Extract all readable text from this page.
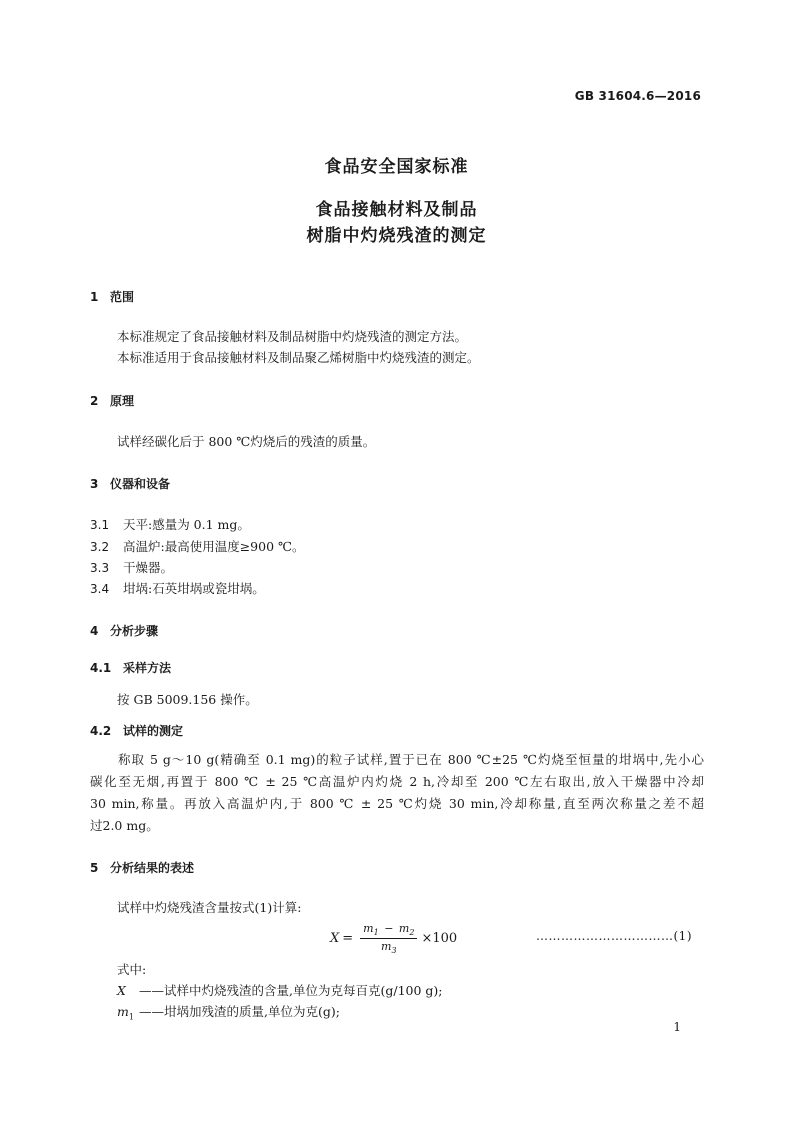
GB 31604.6—2016
食品安全国家标准
食品接触材料及制品
树脂中灼烧残渣的测定
1 范围
本标准规定了食品接触材料及制品树脂中灼烧残渣的测定方法。
本标准适用于食品接触材料及制品聚乙烯树脂中灼烧残渣的测定。
2 原理
试样经碳化后于 800 ℃灼烧后的残渣的质量。
3 仪器和设备
3.1 天平:感量为 0.1 mg。
3.2 高温炉:最高使用温度≥900 ℃。
3.3 干燥器。
3.4 坩埚:石英坩埚或瓷坩埚。
4 分析步骤
4.1 采样方法
按 GB 5009.156 操作。
4.2 试样的测定
称取 5 g～10 g(精确至 0.1 mg)的粒子试样,置于已在 800 ℃±25 ℃灼烧至恒量的坩埚中,先小心
碳化至无烟,再置于 800 ℃ ± 25 ℃高温炉内灼烧 2 h,冷却至 200 ℃左右取出,放入干燥器中冷却
30 min,称量。再放入高温炉内,于 800 ℃ ± 25 ℃灼烧 30 min,冷却称量,直至两次称量之差不超
过2.0 mg。
5 分析结果的表述
试样中灼烧残渣含量按式(1)计算:
$X = \frac{m_1 - m_2}{m_3} \times 100$	……………………………(1)
式中:
X ——试样中灼烧残渣的含量,单位为克每百克(g/100 g);
$m_1$ ——坩埚加残渣的质量,单位为克(g);
1
